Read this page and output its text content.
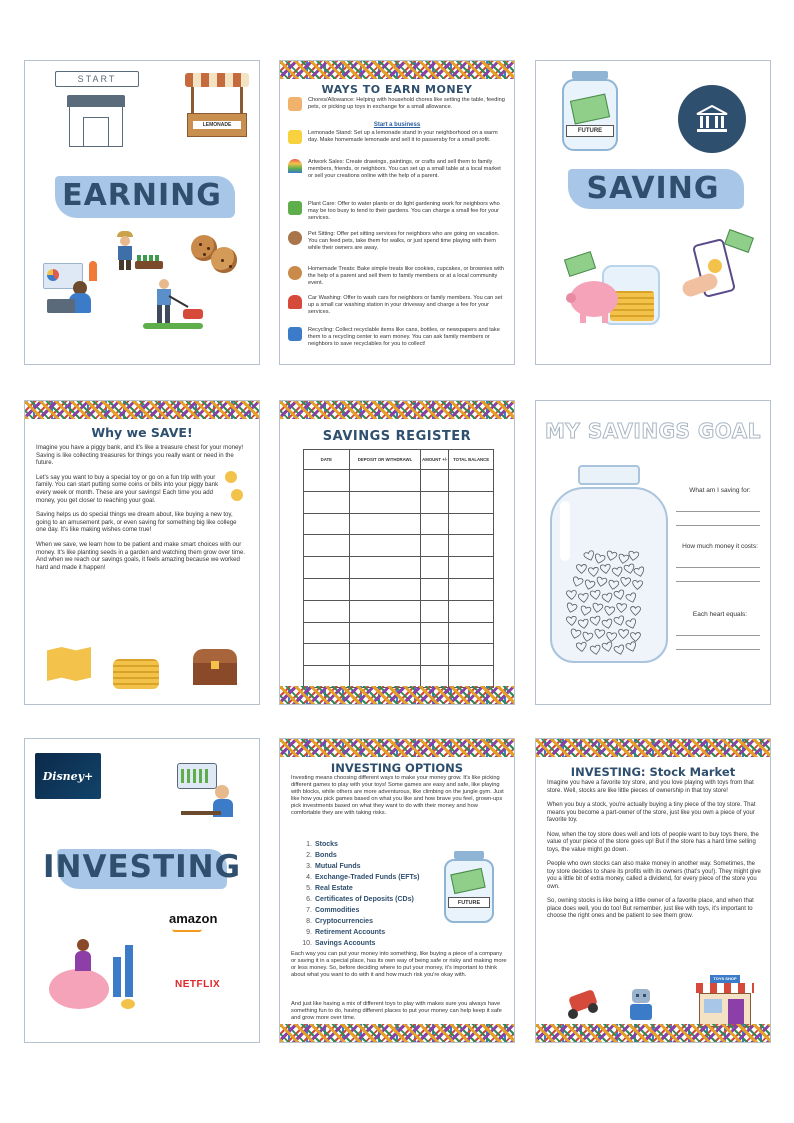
START
LEMONADE
EARNING
WAYS TO EARN MONEY
Chores/Allowance: Helping with household chores like setting the table, feeding pets, or picking up toys in exchange for a small allowance.
Start a business
Lemonade Stand: Set up a lemonade stand in your neighborhood on a warm day. Make homemade lemonade and sell it to passersby for a small profit.
Artwork Sales: Create drawings, paintings, or crafts and sell them to family members, friends, or neighbors. You can set up a small table at a local market or sell your creations online with the help of a parent.
Plant Care: Offer to water plants or do light gardening work for neighbors who may be too busy to tend to their gardens. You can charge a small fee for your services.
Pet Sitting: Offer pet sitting services for neighbors who are going on vacation. You can feed pets, take them for walks, or just spend time playing with them while their owners are away.
Homemade Treats: Bake simple treats like cookies, cupcakes, or brownies with the help of a parent and sell them to family members or at a local community event.
Car Washing: Offer to wash cars for neighbors or family members. You can set up a small car washing station in your driveway and charge a fee for your services.
Recycling: Collect recyclable items like cans, bottles, or newspapers and take them to a recycling center to earn money. You can ask family members or neighbors to save recyclables for you to collect!
FUTURE
SAVING
Why we SAVE!

Imagine you have a piggy bank, and it's like a treasure chest for your money! Saving is like collecting treasures for things you really want or need in the future.

Let's say you want to buy a special toy or go on a fun trip with your family. You can start putting some coins or bills into your piggy bank every week or month. These are your savings! Each time you add money, you get closer to reaching your goal.

Saving helps us do special things we dream about, like buying a new toy, going to an amusement park, or even saving for something big like college one day. It's like making wishes come true!

When we save, we learn how to be patient and make smart choices with our money. It's like planting seeds in a garden and watching them grow over time. And when we reach our savings goals, it feels amazing because we worked hard and made it happen!

SAVINGS REGISTER
DATE	DEPOSIT OR WITHDRAWL	AMOUNT +/-	TOTAL BALANCE

MY SAVINGS GOAL
What am I saving for:
How much money it costs:
Each heart equals:
Disney+
INVESTING
amazon
NETFLIX
INVESTING OPTIONS
Investing means choosing different ways to make your money grow. It's like picking different games to play with your toys! Some games are easy and safe, like playing with blocks, while others are more adventurous, like climbing on the jungle gym. Just like how you pick games based on what you like and how brave you feel, grown-ups pick investments based on what they want to do with their money and how comfortable they are with taking risks.
1. Stocks
2. Bonds
3. Mutual Funds
4. Exchange-Traded Funds (EFTs)
5. Real Estate
6. Certificates of Deposits (CDs)
7. Commodities
8. Cryptocurrencies
9. Retirement Accounts
10. Savings Accounts
FUTURE
Each way you can put your money into something, like buying a piece of a company or saving it in a special place, has its own way of being safe or risky and making more or less money. So, before deciding where to put your money, it's important to think about what you want to do with it and how much risk you're okay with.
And just like having a mix of different toys to play with makes sure you always have something fun to do, having different places to put your money can help keep it safe and grow more over time.
INVESTING: Stock Market

Imagine you have a favorite toy store, and you love playing with toys from that store. Well, stocks are like little pieces of ownership in that toy store!

When you buy a stock, you're actually buying a tiny piece of the toy store. That means you become a part-owner of the store, just like you own a piece of your favorite toy.

Now, when the toy store does well and lots of people want to buy toys there, the value of your piece of the store goes up! But if the store has a hard time selling toys, the value might go down.

People who own stocks can also make money in another way. Sometimes, the toy store decides to share its profits with its owners (that's you!). They might give you a little bit of extra money, called a dividend, for every piece of the store you own.

So, owning stocks is like being a little owner of a favorite place, and when that place does well, you do too! But remember, just like with toys, it's important to choose the right ones and be patient to see them grow.

TOYS SHOP
